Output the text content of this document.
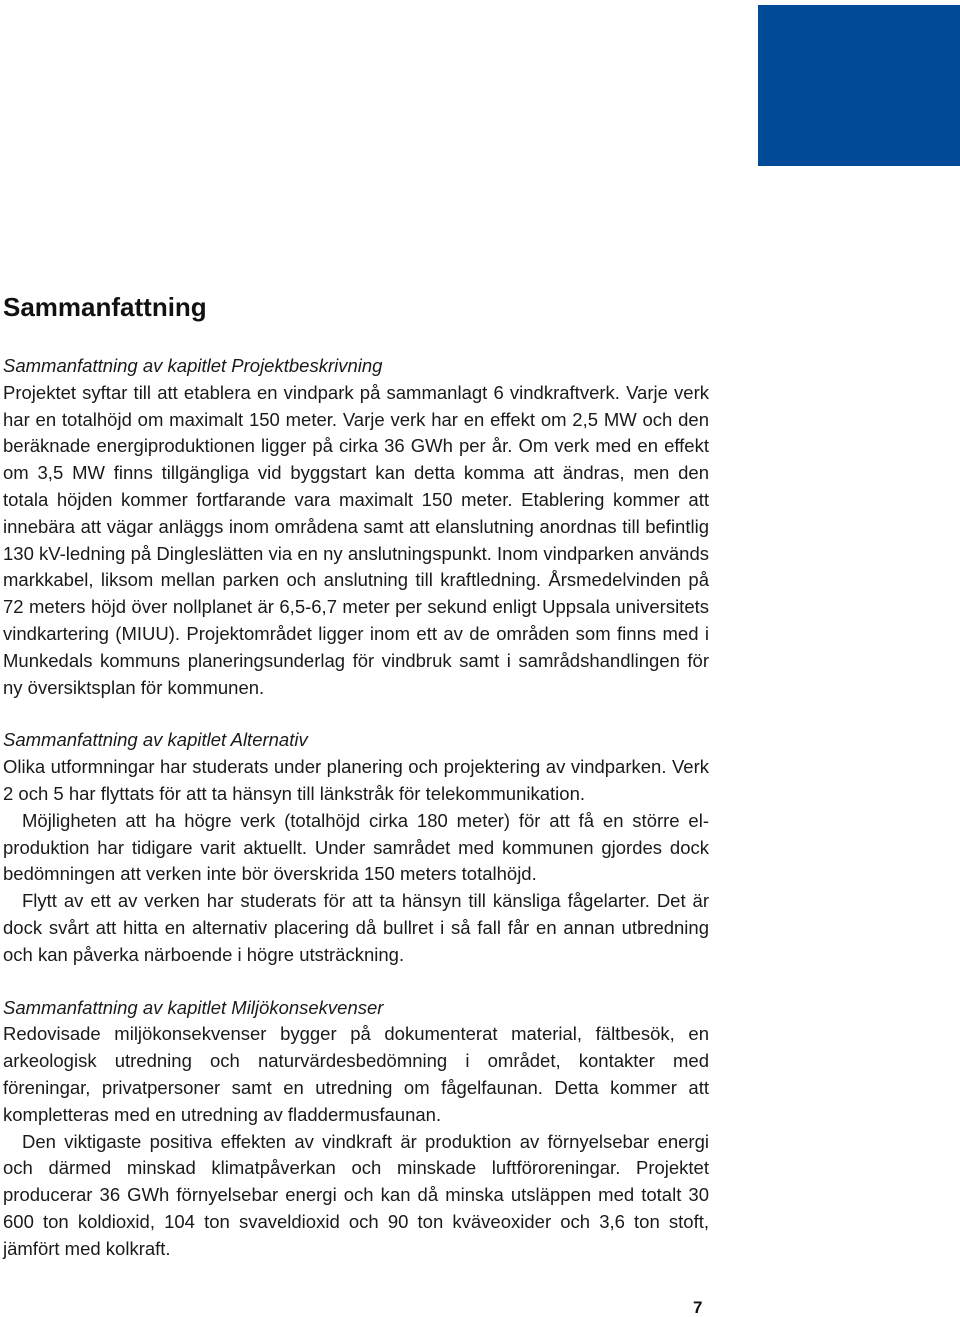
Sammanfattning

Sammanfattning av kapitlet Projektbeskrivning

Projektet syftar till att etablera en vindpark på sammanlagt 6 vindkraftverk. Varje verk har en totalhöjd om maximalt 150 meter. Varje verk har en effekt om 2,5 MW och den beräknade energiproduktionen ligger på cirka 36 GWh per år. Om verk med en effekt om 3,5 MW finns tillgängliga vid byggstart kan detta komma att ändras, men den totala höjden kommer fortfarande vara maximalt 150 meter. Etablering kommer att innebära att vägar anläggs inom områdena samt att elanslutning anordnas till befintlig 130 kV-ledning på Dingleslätten via en ny anslutningspunkt. Inom vindparken används markkabel, liksom mellan parken och anslutning till kraftledning. Årsmedelvinden på 72 meters höjd över nollplanet är 6,5-6,7 meter per sekund enligt Uppsala universitets vindkartering (MIUU). Projektområdet ligger inom ett av de områden som finns med i Munkedals kommuns planeringsunderlag för vindbruk samt i samrådshandlingen för ny översiktsplan för kommunen.

Sammanfattning av kapitlet Alternativ

Olika utformningar har studerats under planering och projektering av vindparken. Verk 2 och 5 har flyttats för att ta hänsyn till länkstråk för telekommunikation.

Möjligheten att ha högre verk (totalhöjd cirka 180 meter) för att få en större elproduktion har tidigare varit aktuellt. Under samrådet med kommunen gjordes dock bedömningen att verken inte bör överskrida 150 meters totalhöjd.

Flytt av ett av verken har studerats för att ta hänsyn till känsliga fågelarter. Det är dock svårt att hitta en alternativ placering då bullret i så fall får en annan utbredning och kan påverka närboende i högre utsträckning.

Sammanfattning av kapitlet Miljökonsekvenser

Redovisade miljökonsekvenser bygger på dokumenterat material, fältbesök, en arkeologisk utredning och naturvärdesbedömning i området, kontakter med föreningar, privatpersoner samt en utredning om fågelfaunan. Detta kommer att kompletteras med en utredning av fladdermusfaunan.

Den viktigaste positiva effekten av vindkraft är produktion av förnyelsebar energi och därmed minskad klimatpåverkan och minskade luftföroreningar. Projektet producerar 36 GWh förnyelsebar energi och kan då minska utsläppen med totalt 30 600 ton koldioxid, 104 ton svaveldioxid och 90 ton kväveoxider och 3,6 ton stoft, jämfört med kolkraft.

7
